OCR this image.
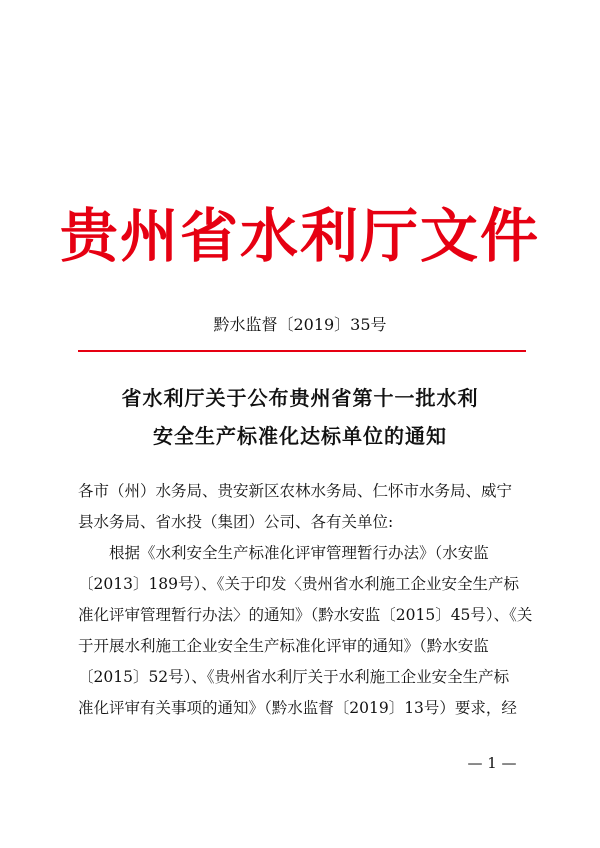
贵州省水利厅文件
黔水监督〔2019〕35号
省水利厅关于公布贵州省第十一批水利
安全生产标准化达标单位的通知
各市（州）水务局、贵安新区农林水务局、仁怀市水务局、威宁
县水务局、省水投（集团）公司、各有关单位:
　　根据《水利安全生产标准化评审管理暂行办法》（水安监
〔2013〕189号）、《关于印发〈贵州省水利施工企业安全生产标
准化评审管理暂行办法〉的通知》（黔水安监〔2015〕45号）、《关
于开展水利施工企业安全生产标准化评审的通知》（黔水安监
〔2015〕52号）、《贵州省水利厅关于水利施工企业安全生产标
准化评审有关事项的通知》（黔水监督〔2019〕13号）要求，经
— 1 —
